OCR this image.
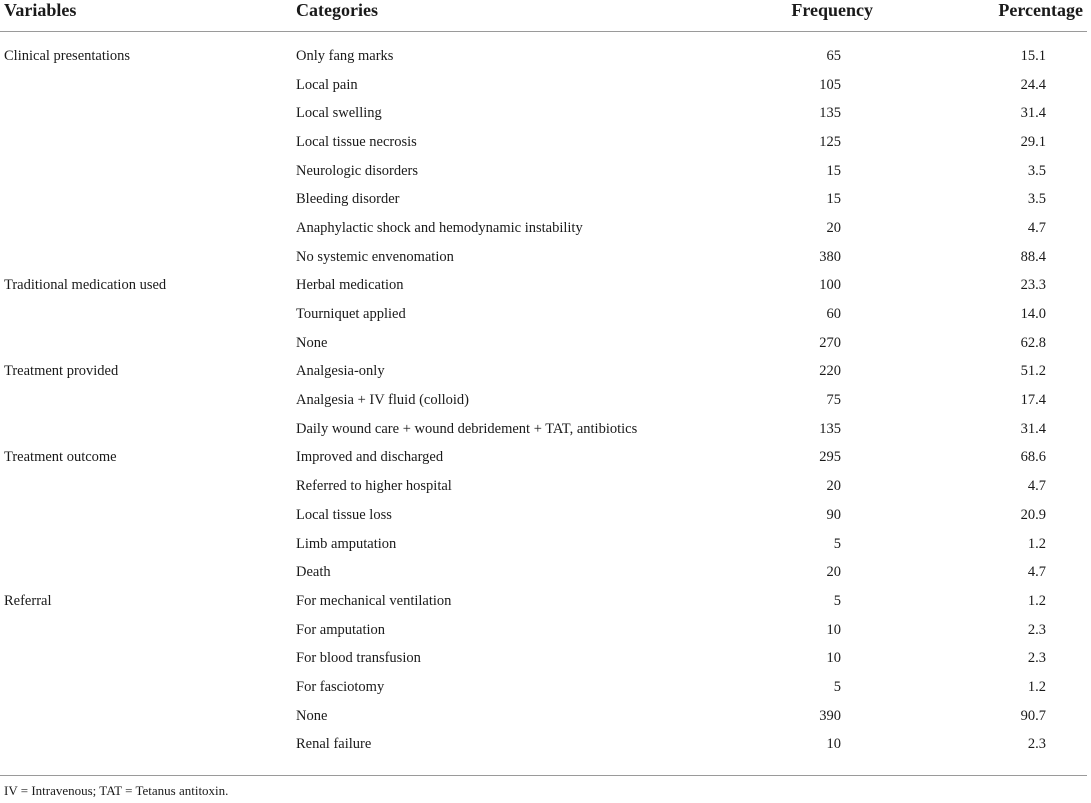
Variables	Categories	Frequency	Percentage
Clinical presentations	Only fang marks	65	15.1
	Local pain	105	24.4
	Local swelling	135	31.4
	Local tissue necrosis	125	29.1
	Neurologic disorders	15	3.5
	Bleeding disorder	15	3.5
	Anaphylactic shock and hemodynamic instability	20	4.7
	No systemic envenomation	380	88.4
Traditional medication used	Herbal medication	100	23.3
	Tourniquet applied	60	14.0
	None	270	62.8
Treatment provided	Analgesia-only	220	51.2
	Analgesia + IV fluid (colloid)	75	17.4
	Daily wound care + wound debridement + TAT, antibiotics	135	31.4
Treatment outcome	Improved and discharged	295	68.6
	Referred to higher hospital	20	4.7
	Local tissue loss	90	20.9
	Limb amputation	5	1.2
	Death	20	4.7
Referral	For mechanical ventilation	5	1.2
	For amputation	10	2.3
	For blood transfusion	10	2.3
	For fasciotomy	5	1.2
	None	390	90.7
	Renal failure	10	2.3
IV = Intravenous; TAT = Tetanus antitoxin.
